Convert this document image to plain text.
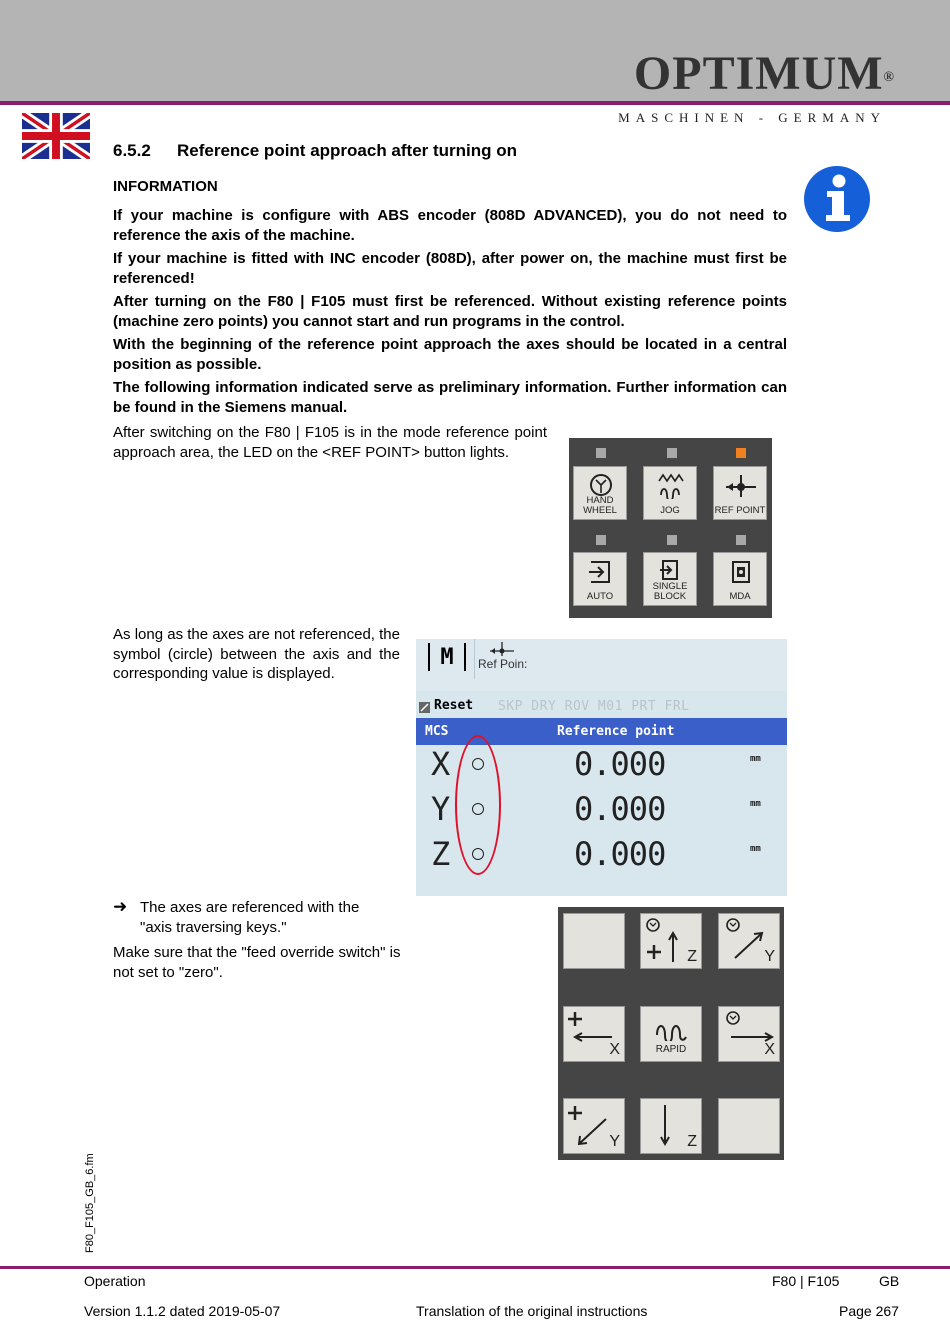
OPTIMUM®
MASCHINEN - GERMANY
6.5.2 Reference point approach after turning on
INFORMATION
If your machine is configure with ABS encoder (808D ADVANCED), you do not need to reference the axis of the machine.
If your machine is fitted with INC encoder (808D), after power on, the machine must first be referenced!
After turning on the F80 | F105 must first be referenced. Without existing reference points (machine zero points) you cannot start and run programs in the control.
With the beginning of the reference point approach the axes should be located in a central position as possible.
The following information indicated serve as preliminary information. Further information can be found in the Siemens manual.
After switching on the F80 | F105 is in the mode reference point approach area, the LED on the <REF POINT> button lights.
HAND
WHEEL	JOG	REF POINT
AUTO
SINGLE
BLOCK	MDA
As long as the axes are not referenced, the symbol (circle) between the axis and the corresponding value is displayed.
M	Ref Poin:
Reset SKP DRY ROV M01 PRT FRL
MCS	Reference point
X	0.000	mm
Y	0.000	mm
Z	0.000	mm
➜ The axes are referenced with the "axis traversing keys."
Make sure that the "feed override switch" is not set to "zero".
Z	Y
X	RAPID	X
Y	Z
F80_F105_GB_6.fm
Operation	F80 | F105	GB
Version 1.1.2 dated 2019-05-07	Translation of the original instructions	Page 267
